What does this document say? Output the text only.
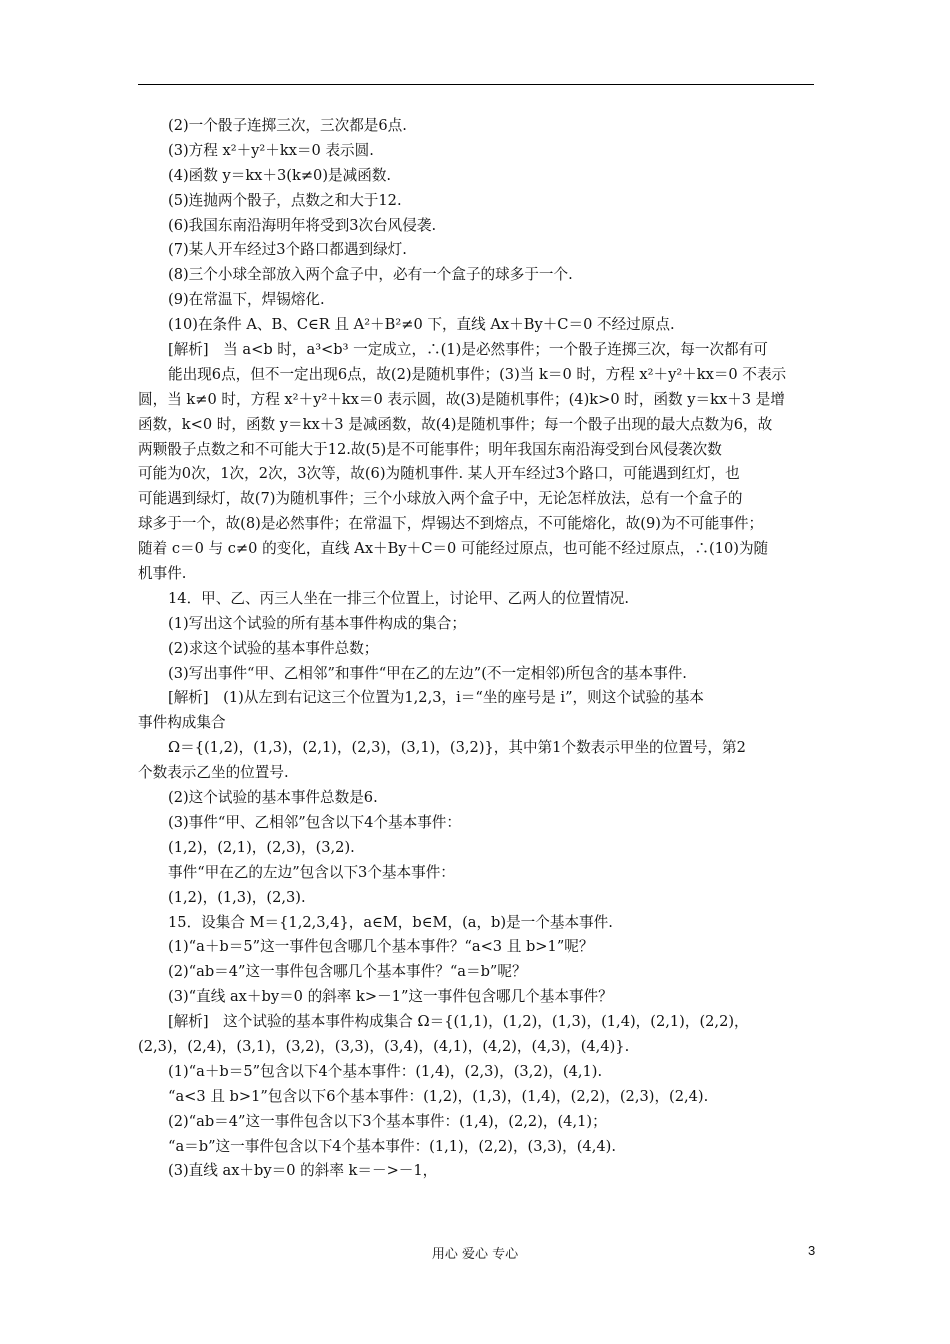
(2)一个骰子连掷三次，三次都是6点.
(3)方程 x²＋y²＋kx＝0 表示圆.
(4)函数 y＝kx＋3(k≠0)是减函数.
(5)连抛两个骰子，点数之和大于12.
(6)我国东南沿海明年将受到3次台风侵袭.
(7)某人开车经过3个路口都遇到绿灯.
(8)三个小球全部放入两个盒子中，必有一个盒子的球多于一个.
(9)在常温下，焊锡熔化.
(10)在条件 A、B、C∈R 且 A²＋B²≠0 下，直线 Ax＋By＋C＝0 不经过原点.
[解析]　当 a<b 时，a³<b³ 一定成立，∴(1)是必然事件；一个骰子连掷三次，每一次都有可
能出现6点，但不一定出现6点，故(2)是随机事件；(3)当 k＝0 时，方程 x²＋y²＋kx＝0 不表示
圆，当 k≠0 时，方程 x²＋y²＋kx＝0 表示圆，故(3)是随机事件；(4)k>0 时，函数 y＝kx＋3 是增
函数，k<0 时，函数 y＝kx＋3 是减函数，故(4)是随机事件；每一个骰子出现的最大点数为6，故
两颗骰子点数之和不可能大于12.故(5)是不可能事件；明年我国东南沿海受到台风侵袭次数
可能为0次，1次，2次，3次等，故(6)为随机事件. 某人开车经过3个路口，可能遇到红灯，也
可能遇到绿灯，故(7)为随机事件；三个小球放入两个盒子中，无论怎样放法，总有一个盒子的
球多于一个，故(8)是必然事件；在常温下，焊锡达不到熔点，不可能熔化，故(9)为不可能事件；
随着 c＝0 与 c≠0 的变化，直线 Ax＋By＋C＝0 可能经过原点，也可能不经过原点，∴(10)为随
机事件.
14．甲、乙、丙三人坐在一排三个位置上，讨论甲、乙两人的位置情况.
(1)写出这个试验的所有基本事件构成的集合；
(2)求这个试验的基本事件总数；
(3)写出事件“甲、乙相邻”和事件“甲在乙的左边”(不一定相邻)所包含的基本事件.
[解析]　(1)从左到右记这三个位置为1,2,3，i＝“坐的座号是 i”，则这个试验的基本
事件构成集合
Ω＝{(1,2)，(1,3)，(2,1)，(2,3)，(3,1)，(3,2)}，其中第1个数表示甲坐的位置号，第2
个数表示乙坐的位置号.
(2)这个试验的基本事件总数是6.
(3)事件“甲、乙相邻”包含以下4个基本事件：
(1,2)，(2,1)，(2,3)，(3,2).
事件“甲在乙的左边”包含以下3个基本事件：
(1,2)，(1,3)，(2,3).
15．设集合 M＝{1,2,3,4}，a∈M，b∈M，(a，b)是一个基本事件.
(1)“a＋b＝5”这一事件包含哪几个基本事件？“a<3 且 b>1”呢？
(2)“ab＝4”这一事件包含哪几个基本事件？“a＝b”呢？
(3)“直线 ax＋by＝0 的斜率 k>－1”这一事件包含哪几个基本事件？
[解析]　这个试验的基本事件构成集合 Ω＝{(1,1)，(1,2)，(1,3)，(1,4)，(2,1)，(2,2)，
(2,3)，(2,4)，(3,1)，(3,2)，(3,3)，(3,4)，(4,1)，(4,2)，(4,3)，(4,4)}.
(1)“a＋b＝5”包含以下4个基本事件：(1,4)，(2,3)，(3,2)，(4,1).
“a<3 且 b>1”包含以下6个基本事件：(1,2)，(1,3)，(1,4)，(2,2)，(2,3)，(2,4).
(2)“ab＝4”这一事件包含以下3个基本事件：(1,4)，(2,2)，(4,1)；
“a＝b”这一事件包含以下4个基本事件：(1,1)，(2,2)，(3,3)，(4,4).
(3)直线 ax＋by＝0 的斜率 k＝－>－1，
用心 爱心 专心	3
